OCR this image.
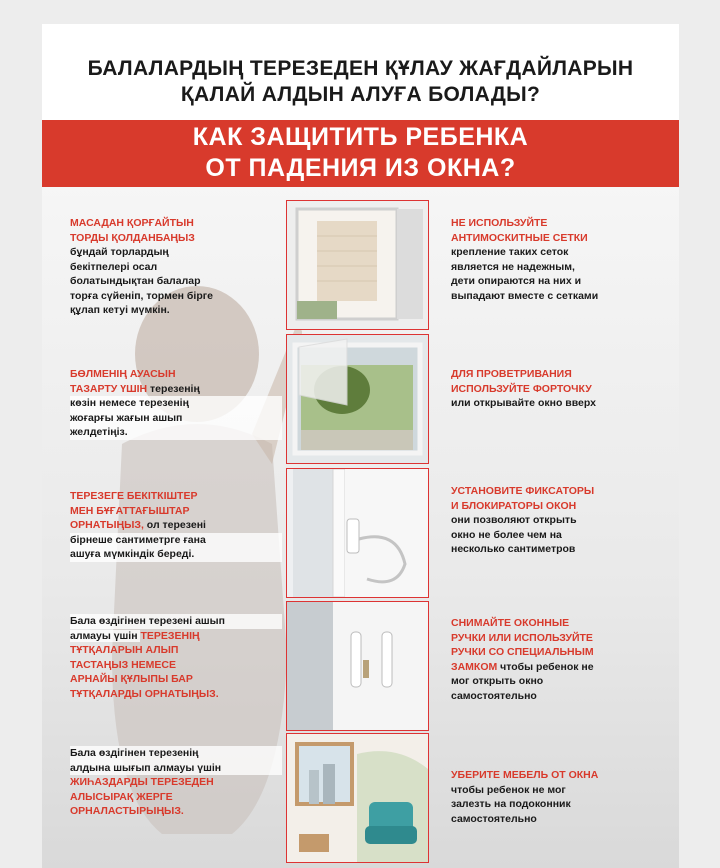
БАЛАЛАРДЫҢ ТЕРЕЗЕДЕН ҚҰЛАУ ЖАҒДАЙЛАРЫН
ҚАЛАЙ АЛДЫН АЛУҒА БОЛАДЫ?
КАК ЗАЩИТИТЬ РЕБЕНКА
ОТ ПАДЕНИЯ ИЗ ОКНА?
МАСАДАН ҚОРҒАЙТЫН
ТОРДЫ ҚОЛДАНБАҢЫЗ
бұндай торлардың
бекітпелері осал
болатындықтан балалар
торға сүйеніп, тормен бірге
құлап кетуі мүмкін.
НЕ ИСПОЛЬЗУЙТЕ
АНТИМОСКИТНЫЕ СЕТКИ
крепление таких сеток
является не надежным,
дети опираются на них и
выпадают вместе с сетками
БӨЛМЕНІҢ АУАСЫН
ТАЗАРТУ ҮШІН терезенің
көзін немесе терезенің
жоғарғы жағын ашып
желдетіңіз.
ДЛЯ ПРОВЕТРИВАНИЯ
ИСПОЛЬЗУЙТЕ ФОРТОЧКУ
или открывайте окно вверх
ТЕРЕЗЕГЕ БЕКІТКІШТЕР
МЕН БҰҒАТТАҒЫШТАР
ОРНАТЫҢЫЗ, ол терезені
бірнеше сантиметрге ғана
ашуға мүмкіндік береді.
УСТАНОВИТЕ ФИКСАТОРЫ
И БЛОКИРАТОРЫ ОКОН
они позволяют открыть
окно не более чем на
несколько сантиметров
Бала өздігінен терезені ашып
алмауы үшін ТЕРЕЗЕНІҢ
ТҰТҚАЛАРЫН АЛЫП
ТАСТАҢЫЗ НЕМЕСЕ
АРНАЙЫ ҚҰЛЫПЫ БАР
ТҰТҚАЛАРДЫ ОРНАТЫҢЫЗ.
СНИМАЙТЕ ОКОННЫЕ
РУЧКИ ИЛИ ИСПОЛЬЗУЙТЕ
РУЧКИ СО СПЕЦИАЛЬНЫМ
ЗАМКОМ чтобы ребенок не
мог открыть окно
самостоятельно
Бала өздігінен терезенің
алдына шығып алмауы үшін
ЖИҺАЗДАРДЫ ТЕРЕЗЕДЕН
АЛЫСЫРАҚ ЖЕРГЕ
ОРНАЛАСТЫРЫҢЫЗ.
УБЕРИТЕ МЕБЕЛЬ ОТ ОКНА
чтобы ребенок не мог
залезть на подоконник
самостоятельно
